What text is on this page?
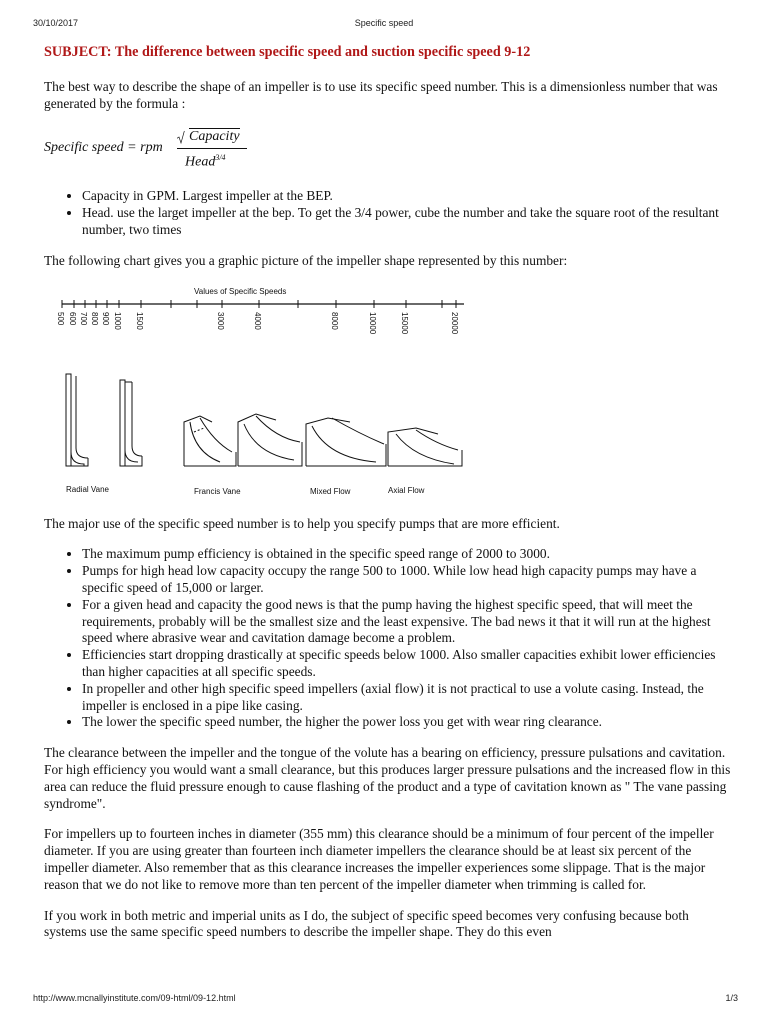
30/10/2017	Specific speed
SUBJECT: The difference between specific speed and suction specific speed 9-12

The best way to describe the shape of an impeller is to use its specific speed number. This is a dimensionless number that was generated by the formula :

Specific speed = rpm
Capacity
Head$^{3/4}$
• Capacity in GPM. Largest impeller at the BEP.
• Head. use the larget impeller at the bep. To get the 3/4 power, cube the number and take the square root of the resultant number, two times

The following chart gives you a graphic picture of the impeller shape represented by this number:

Values of Specific Speeds
500 600 700 800 900 1000	1500	3000	4000	8000	10000	15000	20000
Radial Vane	Francis Vane	Mixed Flow	Axial Flow

The major use of the specific speed number is to help you specify pumps that are more efficient.

• The maximum pump efficiency is obtained in the specific speed range of 2000 to 3000.
• Pumps for high head low capacity occupy the range 500 to 1000. While low head high capacity pumps may have a specific speed of 15,000 or larger.
• For a given head and capacity the good news is that the pump having the highest specific speed, that will meet the requirements, probably will be the smallest size and the least expensive. The bad news it that it will run at the highest speed where abrasive wear and cavitation damage become a problem.
• Efficiencies start dropping drastically at specific speeds below 1000. Also smaller capacities exhibit lower efficiencies than higher capacities at all specific speeds.
• In propeller and other high specific speed impellers (axial flow) it is not practical to use a volute casing. Instead, the impeller is enclosed in a pipe like casing.
• The lower the specific speed number, the higher the power loss you get with wear ring clearance.

The clearance between the impeller and the tongue of the volute has a bearing on efficiency, pressure pulsations and cavitation. For high efficiency you would want a small clearance, but this produces larger pressure pulsations and the increased flow in this area can reduce the fluid pressure enough to cause flashing of the product and a type of cavitation known as " The vane passing syndrome".

For impellers up to fourteen inches in diameter (355 mm) this clearance should be a minimum of four percent of the impeller diameter. If you are using greater than fourteen inch diameter impellers the clearance should be at least six percent of the impeller diameter. Also remember that as this clearance increases the impeller experiences some slippage. That is the major reason that we do not like to remove more than ten percent of the impeller diameter when trimming is called for.

If you work in both metric and imperial units as I do, the subject of specific speed becomes very confusing because both systems use the same specific speed numbers to describe the impeller shape. They do this even

http://www.mcnallyinstitute.com/09-html/09-12.html	1/3
